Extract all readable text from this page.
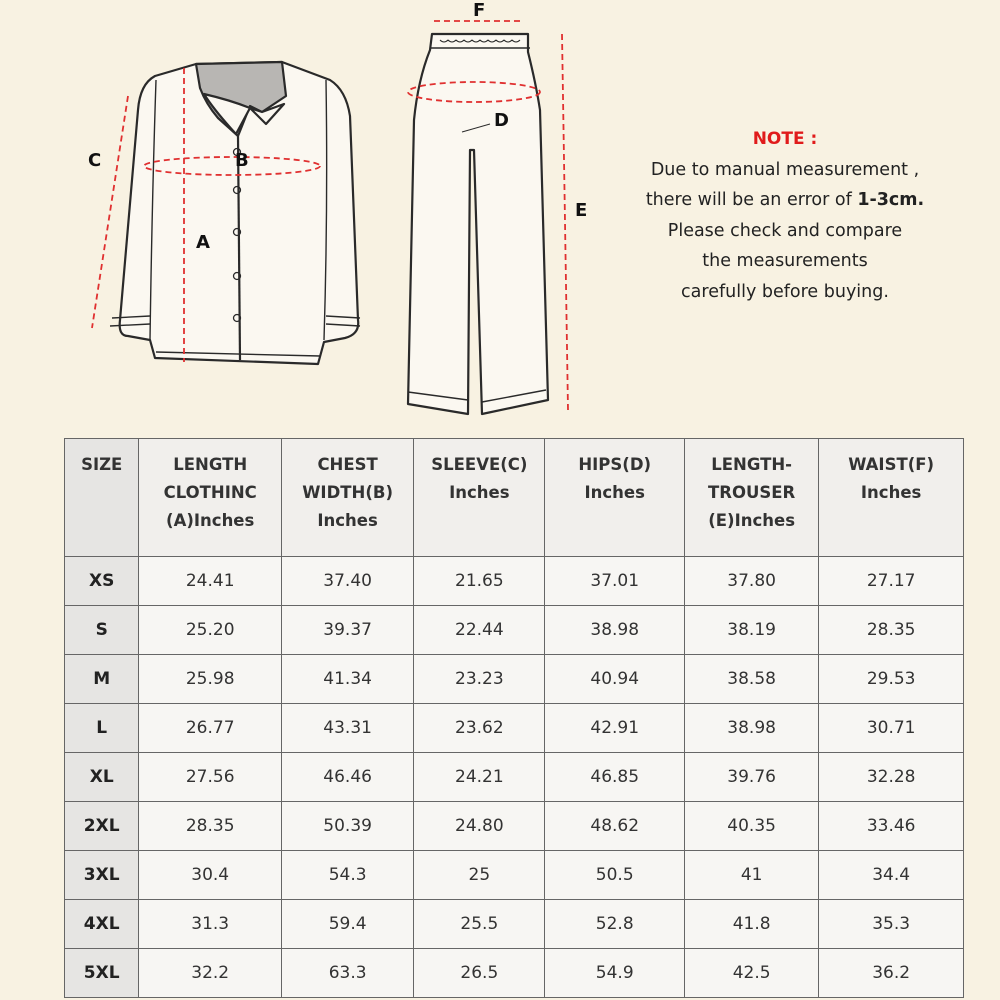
C	B
A
F
D
E
NOTE :
Due to manual measurement ,
there will be an error of 1-3cm.
Please check and compare
the measurements
carefully before buying.
SIZE	LENGTH
CLOTHINC
(A)Inches	CHEST
WIDTH(B)
Inches	SLEEVE(C)
Inches	HIPS(D)
Inches	LENGTH-
TROUSER
(E)Inches	WAIST(F)
Inches

XS	24.41	37.40	21.65	37.01	37.80	27.17
S	25.20	39.37	22.44	38.98	38.19	28.35
M	25.98	41.34	23.23	40.94	38.58	29.53
L	26.77	43.31	23.62	42.91	38.98	30.71
XL	27.56	46.46	24.21	46.85	39.76	32.28
2XL	28.35	50.39	24.80	48.62	40.35	33.46
3XL	30.4	54.3	25	50.5	41	34.4
4XL	31.3	59.4	25.5	52.8	41.8	35.3
5XL	32.2	63.3	26.5	54.9	42.5	36.2
